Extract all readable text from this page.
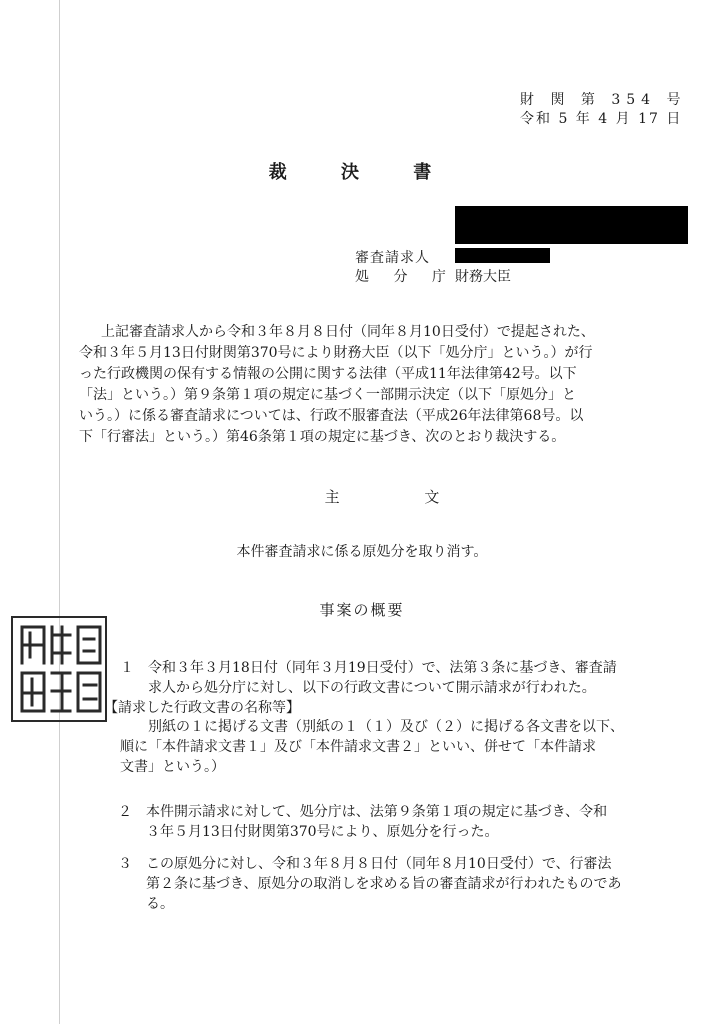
財 関 第 354 号
令和 5 年 4 月 17 日
裁 決 書
審査請求人
処 分 庁 財務大臣
上記審査請求人から令和３年８月８日付（同年８月10日受付）で提起された、
令和３年５月13日付財関第370号により財務大臣（以下「処分庁」という。）が行
った行政機関の保有する情報の公開に関する法律（平成11年法律第42号。以下
「法」という。）第９条第１項の規定に基づく一部開示決定（以下「原処分」と
いう。）に係る審査請求については、行政不服審査法（平成26年法律第68号。以
下「行審法」という。）第46条第１項の規定に基づき、次のとおり裁決する。
主 文
本件審査請求に係る原処分を取り消す。
事案の概要
１ 令和３年３月18日付（同年３月19日受付）で、法第３条に基づき、審査請
求人から処分庁に対し、以下の行政文書について開示請求が行われた。
【請求した行政文書の名称等】
別紙の１に掲げる文書（別紙の１（１）及び（２）に掲げる各文書を以下、
順に「本件請求文書１」及び「本件請求文書２」といい、併せて「本件請求
文書」という。）
２ 本件開示請求に対して、処分庁は、法第９条第１項の規定に基づき、令和
３年５月13日付財関第370号により、原処分を行った。
３ この原処分に対し、令和３年８月８日付（同年８月10日受付）で、行審法
第２条に基づき、原処分の取消しを求める旨の審査請求が行われたものであ
る。
